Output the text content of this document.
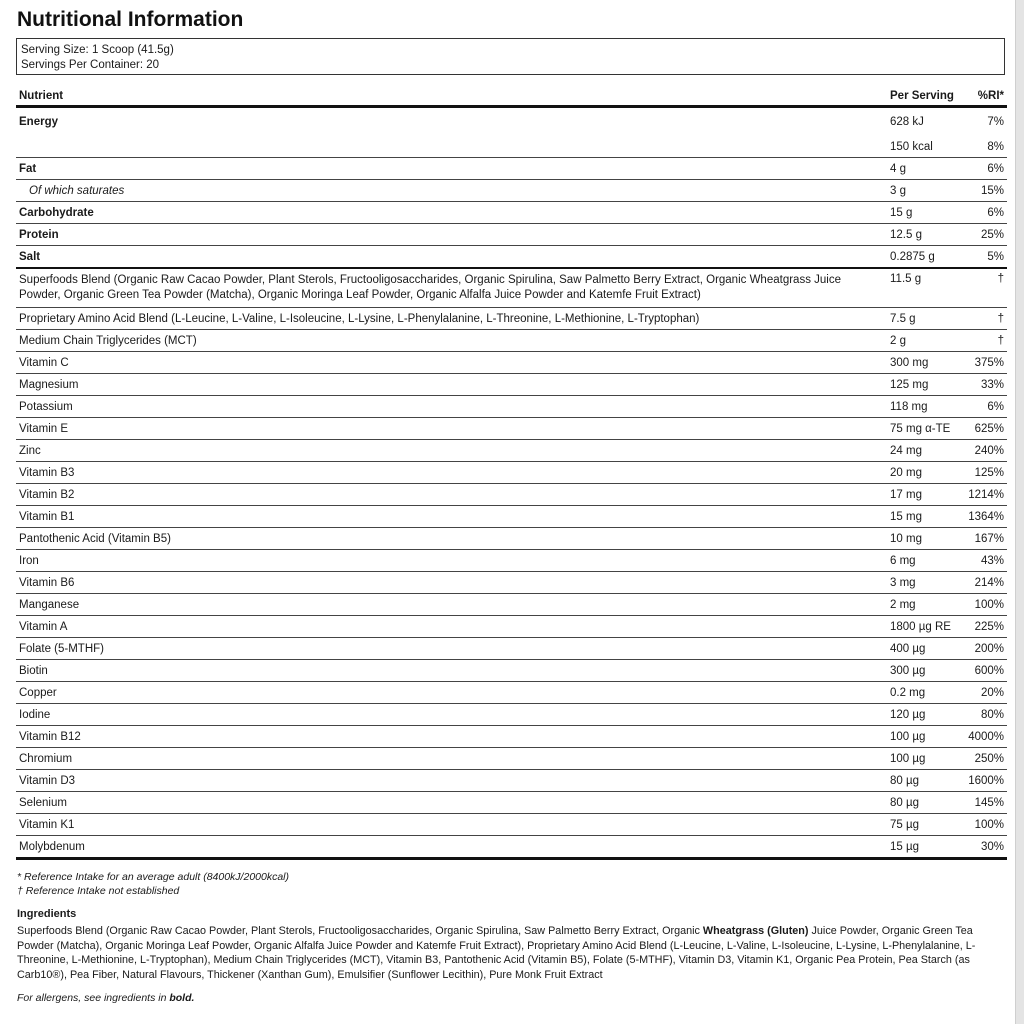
Nutritional Information
Serving Size: 1 Scoop (41.5g)
Servings Per Container: 20
Nutrient	Per Serving	%RI*
Energy	628 kJ	7%
	150 kcal	8%
Fat	4 g	6%
Of which saturates	3 g	15%
Carbohydrate	15 g	6%
Protein	12.5 g	25%
Salt	0.2875 g	5%
Superfoods Blend (Organic Raw Cacao Powder, Plant Sterols, Fructooligosaccharides, Organic Spirulina, Saw Palmetto Berry Extract, Organic Wheatgrass Juice Powder, Organic Green Tea Powder (Matcha), Organic Moringa Leaf Powder, Organic Alfalfa Juice Powder and Katemfe Fruit Extract)	11.5 g	†
Proprietary Amino Acid Blend (L-Leucine, L-Valine, L-Isoleucine, L-Lysine, L-Phenylalanine, L-Threonine, L-Methionine, L-Tryptophan)	7.5 g	†
Medium Chain Triglycerides (MCT)	2 g	†
Vitamin C	300 mg	375%
Magnesium	125 mg	33%
Potassium	118 mg	6%
Vitamin E	75 mg α-TE	625%
Zinc	24 mg	240%
Vitamin B3	20 mg	125%
Vitamin B2	17 mg	1214%
Vitamin B1	15 mg	1364%
Pantothenic Acid (Vitamin B5)	10 mg	167%
Iron	6 mg	43%
Vitamin B6	3 mg	214%
Manganese	2 mg	100%
Vitamin A	1800 µg RE	225%
Folate (5-MTHF)	400 µg	200%
Biotin	300 µg	600%
Copper	0.2 mg	20%
Iodine	120 µg	80%
Vitamin B12	100 µg	4000%
Chromium	100 µg	250%
Vitamin D3	80 µg	1600%
Selenium	80 µg	145%
Vitamin K1	75 µg	100%
Molybdenum	15 µg	30%
* Reference Intake for an average adult (8400kJ/2000kcal)
† Reference Intake not established
Ingredients
Superfoods Blend (Organic Raw Cacao Powder, Plant Sterols, Fructooligosaccharides, Organic Spirulina, Saw Palmetto Berry Extract, Organic Wheatgrass (Gluten) Juice Powder, Organic Green Tea Powder (Matcha), Organic Moringa Leaf Powder, Organic Alfalfa Juice Powder and Katemfe Fruit Extract), Proprietary Amino Acid Blend (L-Leucine, L-Valine, L-Isoleucine, L-Lysine, L-Phenylalanine, L-Threonine, L-Methionine, L-Tryptophan), Medium Chain Triglycerides (MCT), Vitamin B3, Pantothenic Acid (Vitamin B5), Folate (5-MTHF), Vitamin D3, Vitamin K1, Organic Pea Protein, Pea Starch (as Carb10®), Pea Fiber, Natural Flavours, Thickener (Xanthan Gum), Emulsifier (Sunflower Lecithin), Pure Monk Fruit Extract
For allergens, see ingredients in bold.
